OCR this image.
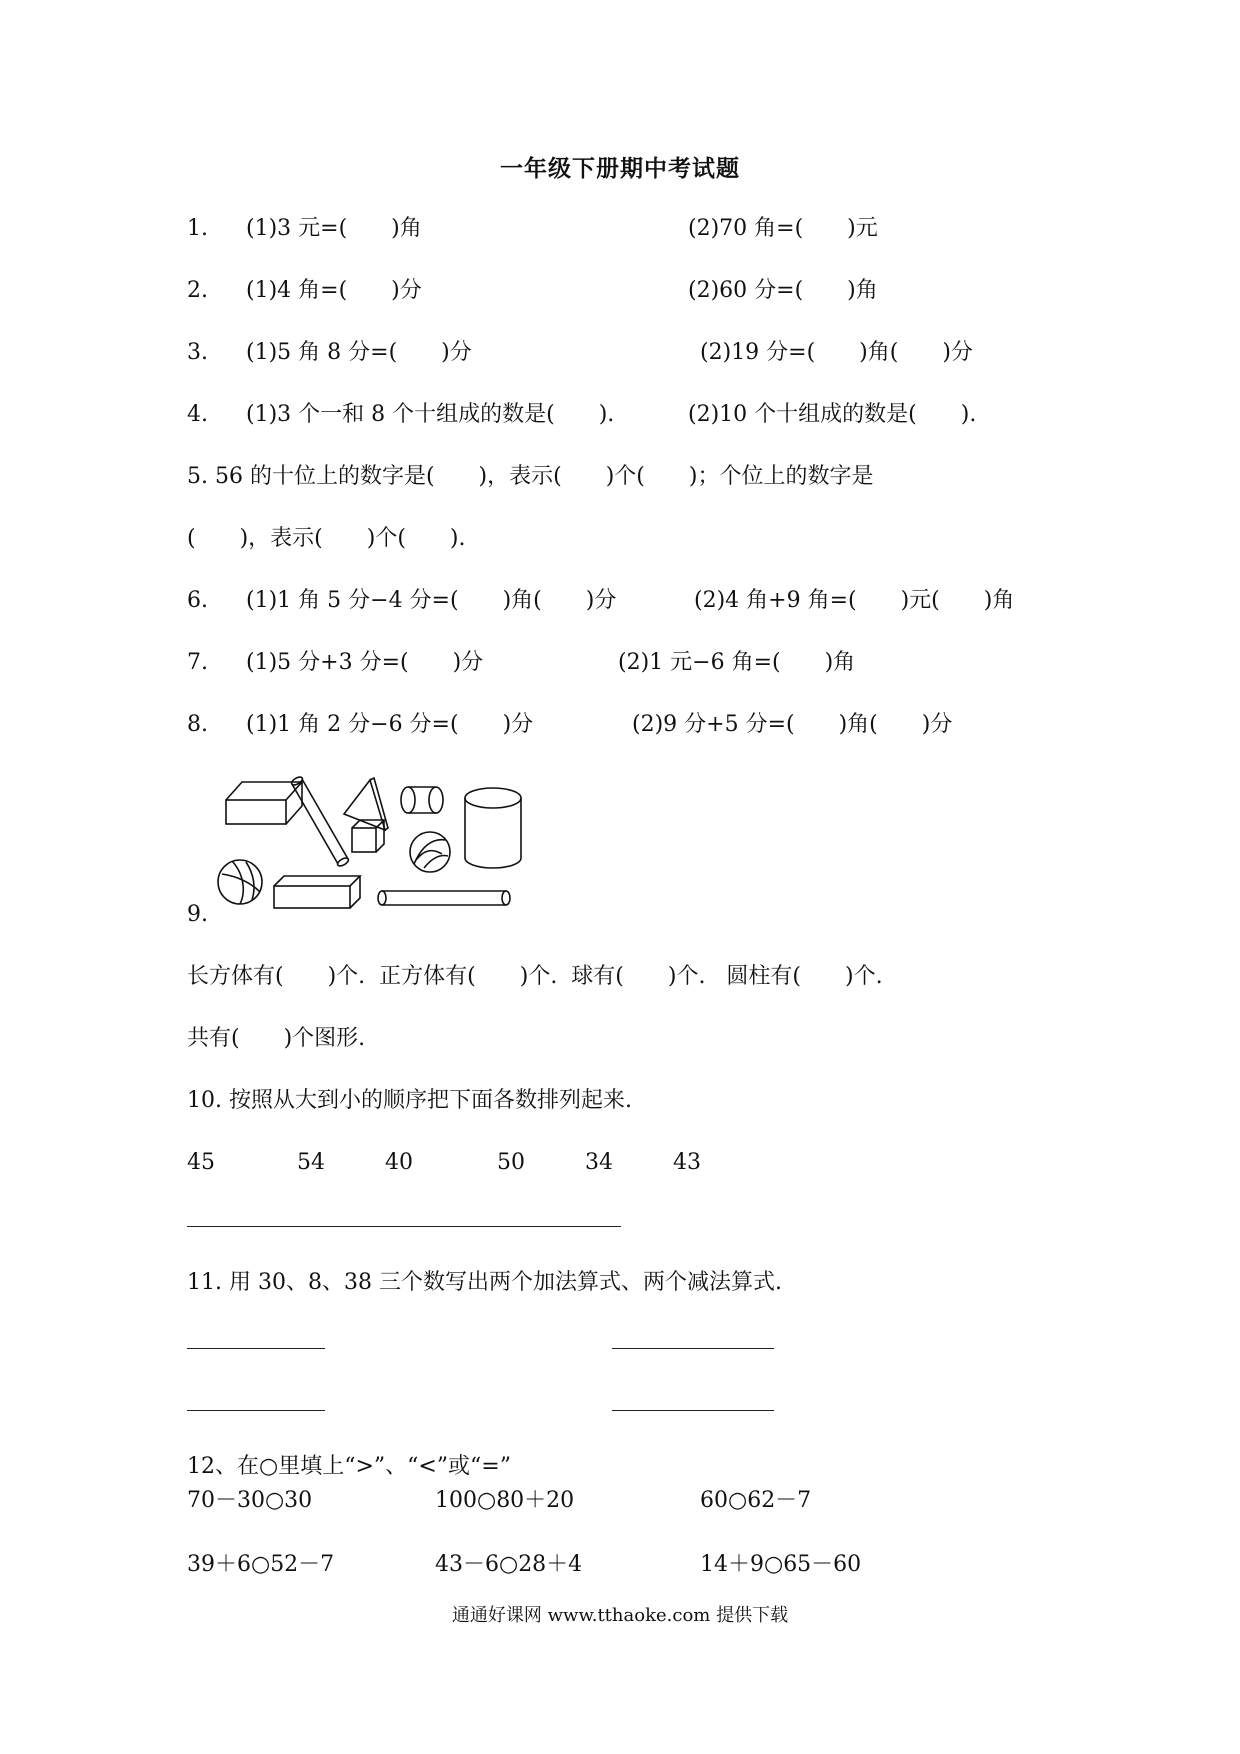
一年级下册期中考试题
1. (1)3 元=(　　)角	(2)70 角=(　　)元
2. (1)4 角=(　　)分	(2)60 分=(　　)角
3. (1)5 角 8 分=(　　)分	(2)19 分=(　　)角(　　)分
4. (1)3 个一和 8 个十组成的数是(　　).	(2)10 个十组成的数是(　　).
5. 56 的十位上的数字是(　　)，表示(　　)个(　　)；个位上的数字是
(　　)，表示(　　)个(　　).
6. (1)1 角 5 分−4 分=(　　)角(　　)分	(2)4 角+9 角=(　　)元(　　)角
7. (1)5 分+3 分=(　　)分	(2)1 元−6 角=(　　)角
8. (1)1 角 2 分−6 分=(　　)分	(2)9 分+5 分=(　　)角(　　)分
9.
长方体有(　　)个.  正方体有(　　)个.  球有(　　)个.   圆柱有(　　)个.
共有(　　)个图形.
10. 按照从大到小的顺序把下面各数排列起来.
45	54	40	50	34	43
11. 用 30、8、38 三个数写出两个加法算式、两个减法算式.
12、在○里填上“>”、“<”或“=”
70－30○30	100○80＋20	60○62－7
39＋6○52－7	43－6○28＋4	14＋9○65－60
通通好课网 www.tthaoke.com 提供下载
